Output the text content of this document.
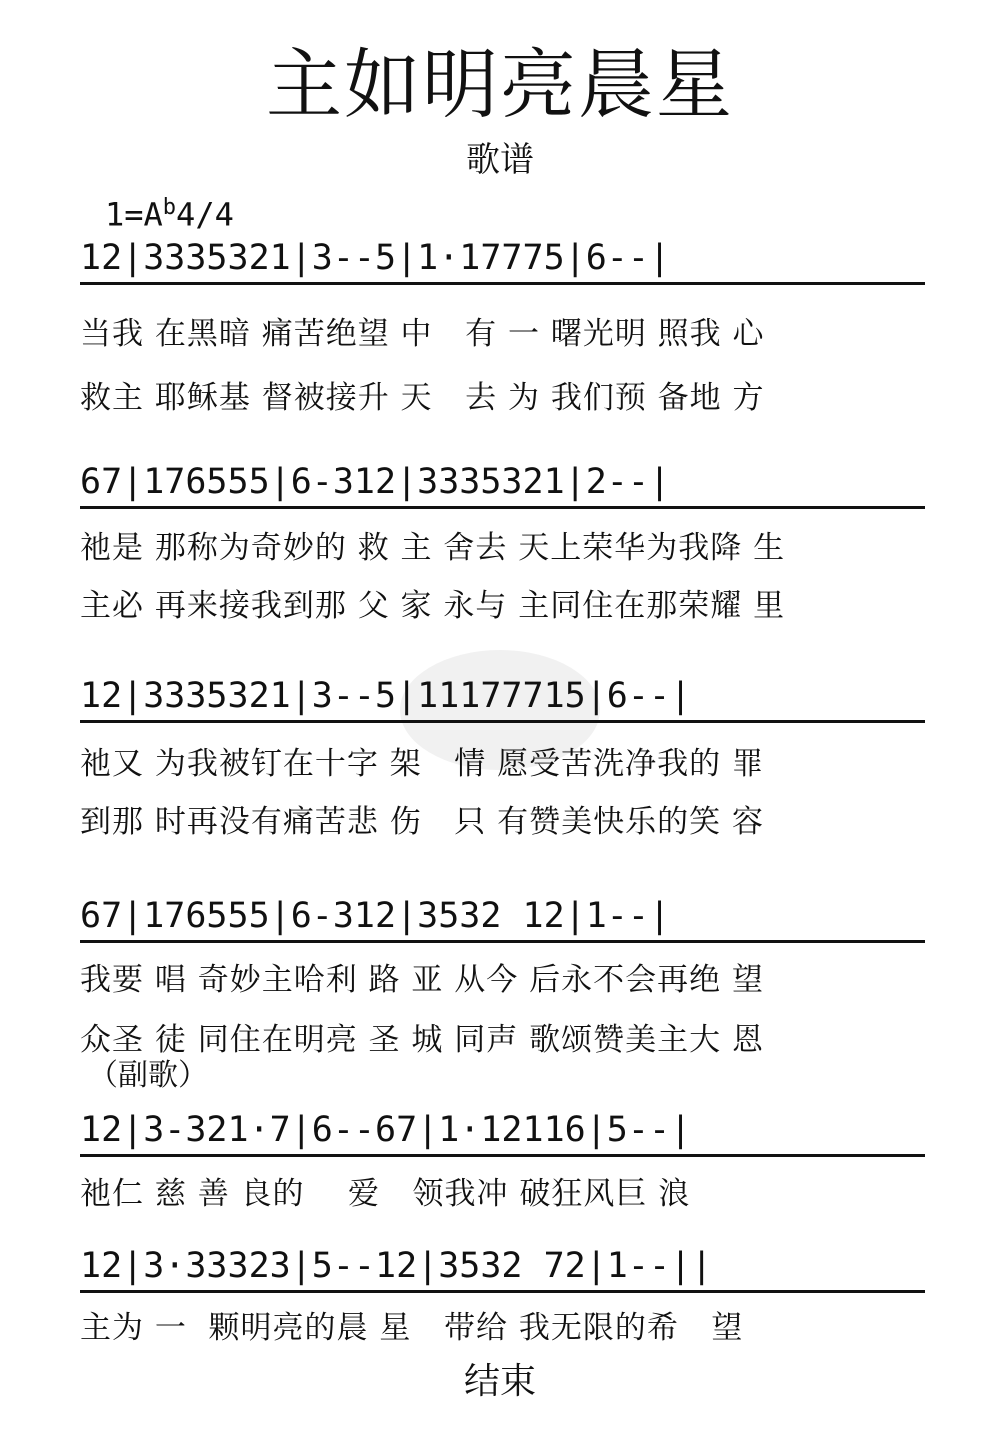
主如明亮晨星
歌谱
$1=A^b4/4$
12|3335321|3--5|1·17775|6--|
当我 在黑暗 痛苦绝望 中   有 一 曙光明 照我 心
救主 耶稣基 督被接升 天   去 为 我们预 备地 方
67|176555|6-312|3335321|2--|
祂是 那称为奇妙的 救 主 舍去 天上荣华为我降 生
主必 再来接我到那 父 家 永与 主同住在那荣耀 里
12|3335321|3--5|11177715|6--|
祂又 为我被钉在十字 架   情 愿受苦洗净我的 罪
到那 时再没有痛苦悲 伤   只 有赞美快乐的笑 容
67|176555|6-312|3532 12|1--|
我要 唱 奇妙主哈利 路 亚 从今 后永不会再绝 望
众圣 徒 同住在明亮 圣 城 同声 歌颂赞美主大 恩
（副歌）
12|3-321·7|6--67|1·12116|5--|
祂仁 慈 善 良的    爱   领我冲 破狂风巨 浪
12|3·33323|5--12|3532 72|1--||
主为 一  颗明亮的晨 星   带给 我无限的希   望
结束
